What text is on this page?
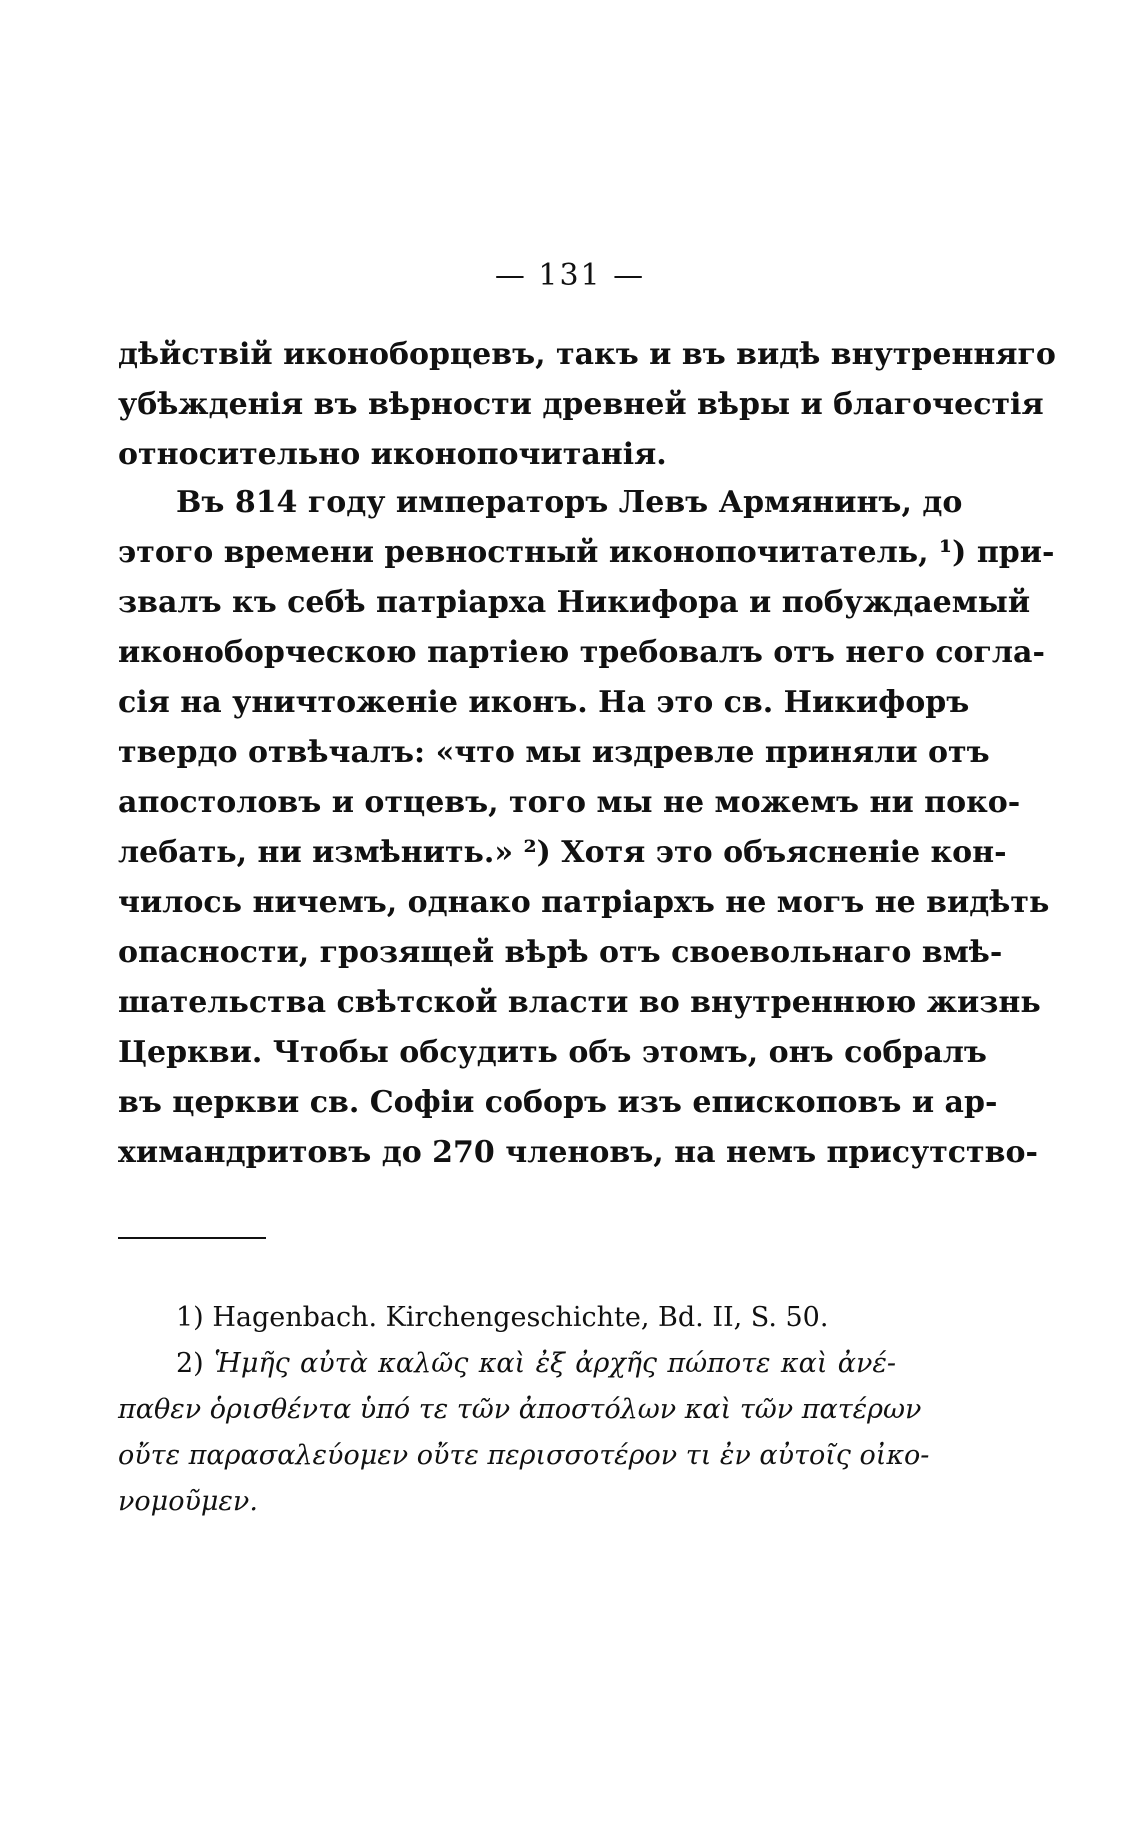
— 131 —
дѣйствій иконоборцевъ, такъ и въ видѣ внутренняго
убѣжденія въ вѣрности древней вѣры и благочестія
относительно иконопочитанія.
Въ 814 году императоръ Левъ Армянинъ, до
этого времени ревностный иконопочитатель, ¹) при-
звалъ къ себѣ патріарха Никифора и побуждаемый
иконоборческою партіею требовалъ отъ него согла-
сія на уничтоженіе иконъ. На это св. Никифоръ
твердо отвѣчалъ: «что мы издревле приняли отъ
апостоловъ и отцевъ, того мы не можемъ ни поко-
лебать, ни измѣнить.» ²) Хотя это объясненіе кон-
чилось ничемъ, однако патріархъ не могъ не видѣть
опасности, грозящей вѣрѣ отъ своевольнаго вмѣ-
шательства свѣтской власти во внутреннюю жизнь
Церкви. Чтобы обсудить объ этомъ, онъ собралъ
въ церкви св. Софіи соборъ изъ епископовъ и ар-
химандритовъ до 270 членовъ, на немъ присутство-
1) Hagenbach. Kirchengeschichte, Bd. II, S. 50.
2) Ἡμῆς αὐτὰ καλῶς καὶ ἐξ ἀρχῆς πώποτε καὶ ἀνέ-
παθεν ὁρισθέντα ὑπό τε τῶν ἀποστόλων καὶ τῶν πατέρων
οὔτε παρασαλεύομεν οὔτε περισσοτέρον τι ἐν αὐτοῖς οἰκο-
νομοῦμεν.
